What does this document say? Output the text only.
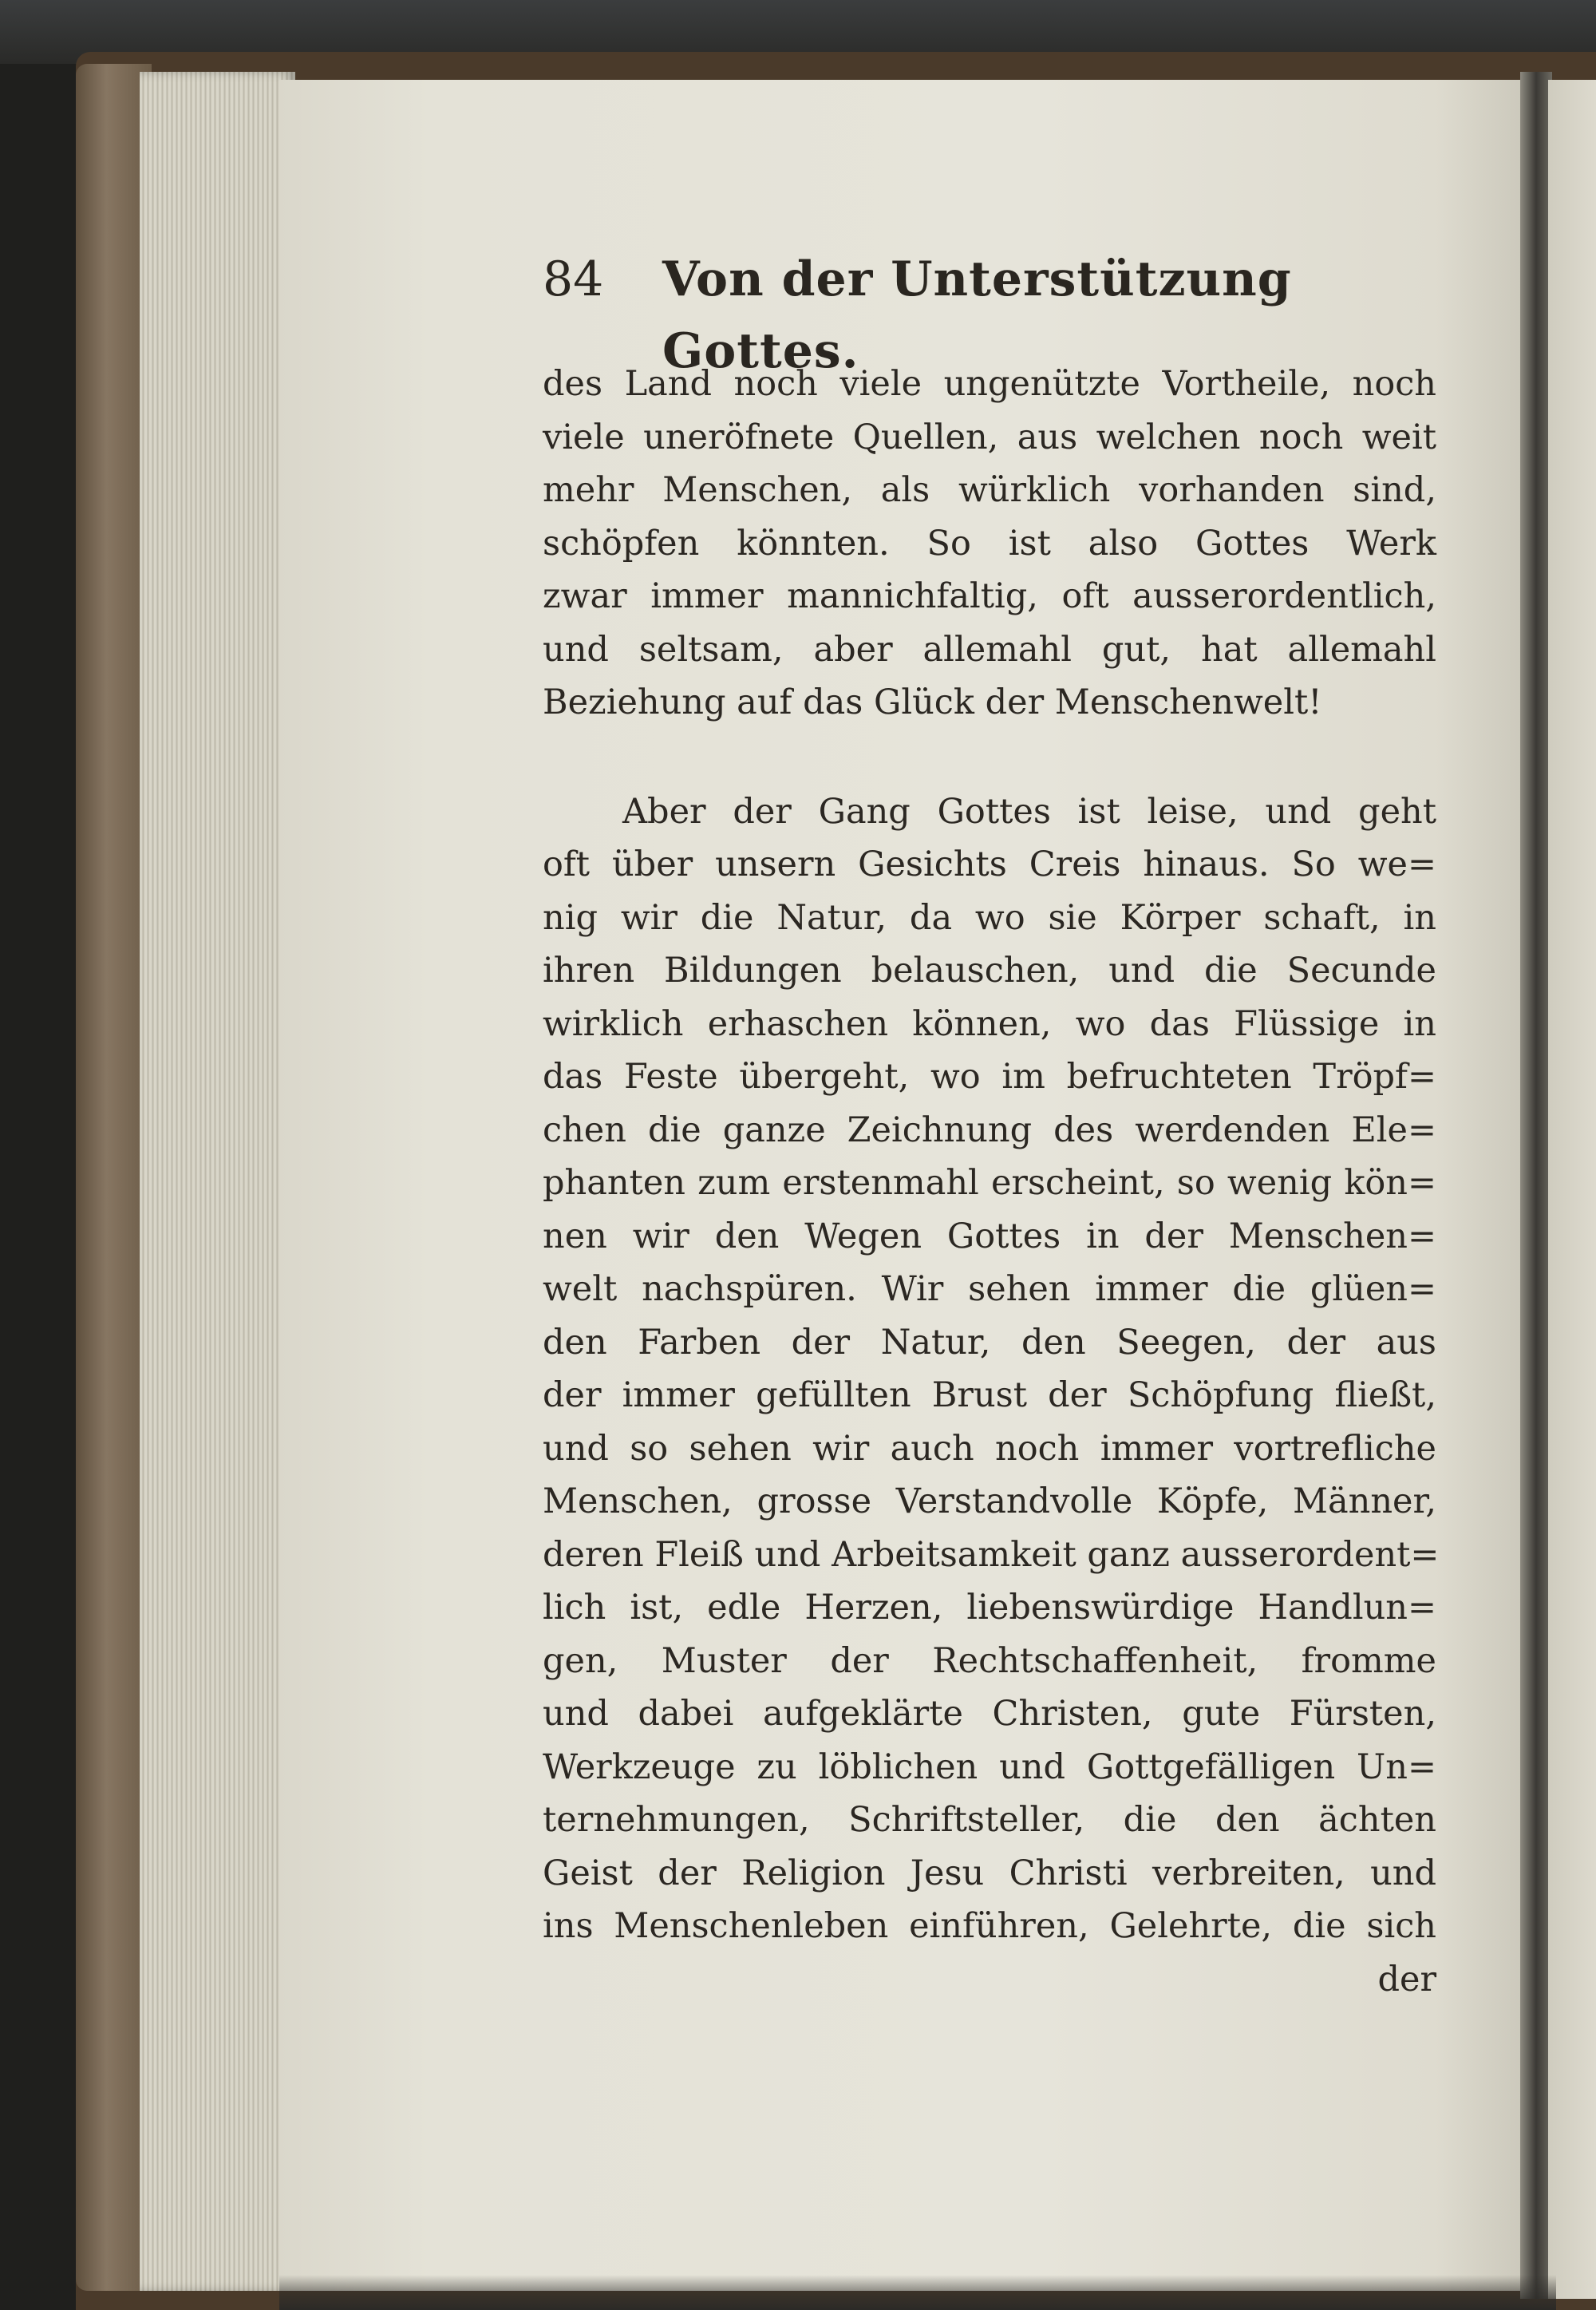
84 Von der Unterstützung Gottes.
des Land noch viele ungenützte Vortheile, noch
viele uneröfnete Quellen, aus welchen noch weit
mehr Menschen, als würklich vorhanden sind,
schöpfen könnten. So ist also Gottes Werk
zwar immer mannichfaltig, oft ausserordentlich,
und seltsam, aber allemahl gut, hat allemahl
Beziehung auf das Glück der Menschenwelt!
Aber der Gang Gottes ist leise, und geht
oft über unsern Gesichts Creis hinaus. So we=
nig wir die Natur, da wo sie Körper schaft, in
ihren Bildungen belauschen, und die Secunde
wirklich erhaschen können, wo das Flüssige in
das Feste übergeht, wo im befruchteten Tröpf=
chen die ganze Zeichnung des werdenden Ele=
phanten zum erstenmahl erscheint, so wenig kön=
nen wir den Wegen Gottes in der Menschen=
welt nachspüren. Wir sehen immer die glüen=
den Farben der Natur, den Seegen, der aus
der immer gefüllten Brust der Schöpfung fließt,
und so sehen wir auch noch immer vortrefliche
Menschen, grosse Verstandvolle Köpfe, Männer,
deren Fleiß und Arbeitsamkeit ganz ausserordent=
lich ist, edle Herzen, liebenswürdige Handlun=
gen, Muster der Rechtschaffenheit, fromme
und dabei aufgeklärte Christen, gute Fürsten,
Werkzeuge zu löblichen und Gottgefälligen Un=
ternehmungen, Schriftsteller, die den ächten
Geist der Religion Jesu Christi verbreiten, und
ins Menschenleben einführen, Gelehrte, die sich
der
